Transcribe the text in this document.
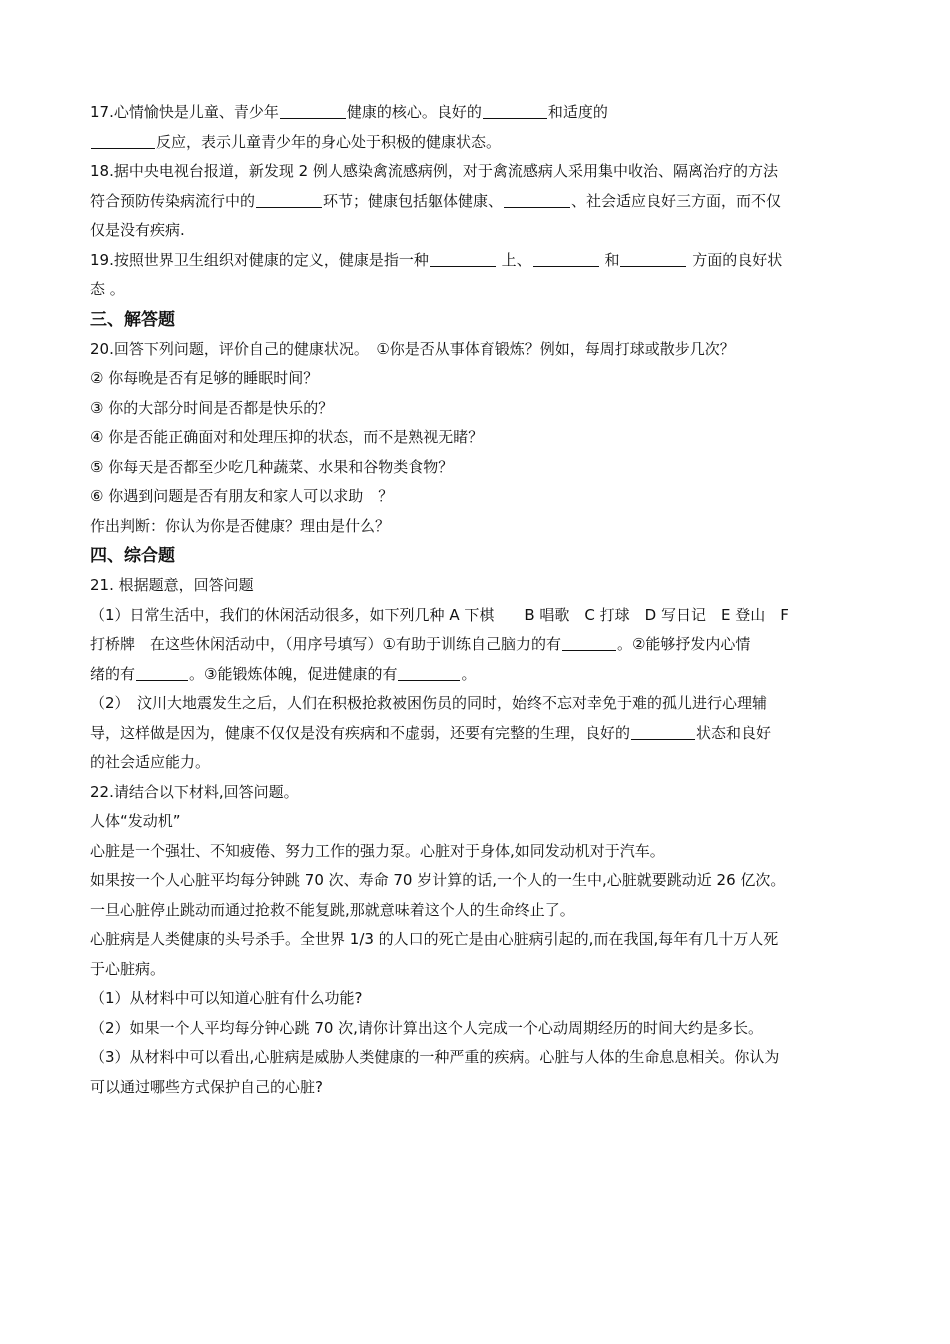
17.心情愉快是儿童、青少年	健康的核心。良好的	和适度的
反应，表示儿童青少年的身心处于积极的健康状态。
18.据中央电视台报道，新发现 2 例人感染禽流感病例，对于禽流感病人采用集中收治、隔离治疗的方法
符合预防传染病流行中的	环节；健康包括躯体健康、	、社会适应良好三方面，而不仅
仅是没有疾病.
19.按照世界卫生组织对健康的定义，健康是指一种	上、	和	方面的良好状
态 。
三、解答题
20.回答下列问题，评价自己的健康状况。　①你是否从事体育锻炼？例如，每周打球或散步几次？
② 你每晚是否有足够的睡眠时间？
③ 你的大部分时间是否都是快乐的？
④ 你是否能正确面对和处理压抑的状态，而不是熟视无睹？
⑤ 你每天是否都至少吃几种蔬菜、水果和谷物类食物？
⑥ 你遇到问题是否有朋友和家人可以求助　？
作出判断：你认为你是否健康？理由是什么？
四、综合题
21. 根据题意，回答问题
（1）日常生活中，我们的休闲活动很多，如下列几种 A 下棋　　B 唱歌　C 打球　D 写日记　E 登山　F
打桥牌　在这些休闲活动中，（用序号填写）①有助于训练自己脑力的有	。②能够抒发内心情
绪的有	。③能锻炼体魄，促进健康的有	。
（2）　汶川大地震发生之后，人们在积极抢救被困伤员的同时，始终不忘对幸免于难的孤儿进行心理辅
导，这样做是因为，健康不仅仅是没有疾病和不虚弱，还要有完整的生理，良好的	状态和良好
的社会适应能力。
22.请结合以下材料,回答问题。
人体“发动机”
心脏是一个强壮、不知疲倦、努力工作的强力泵。心脏对于身体,如同发动机对于汽车。
如果按一个人心脏平均每分钟跳 70 次、寿命 70 岁计算的话,一个人的一生中,心脏就要跳动近 26 亿次。
一旦心脏停止跳动而通过抢救不能复跳,那就意味着这个人的生命终止了。
心脏病是人类健康的头号杀手。全世界 1/3 的人口的死亡是由心脏病引起的,而在我国,每年有几十万人死
于心脏病。
（1）从材料中可以知道心脏有什么功能?
（2）如果一个人平均每分钟心跳 70 次,请你计算出这个人完成一个心动周期经历的时间大约是多长。
（3）从材料中可以看出,心脏病是威胁人类健康的一种严重的疾病。心脏与人体的生命息息相关。你认为
可以通过哪些方式保护自己的心脏?
